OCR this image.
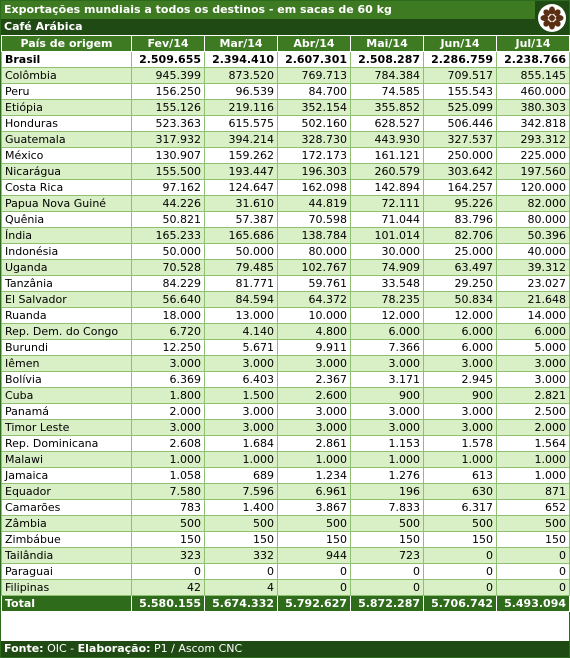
Exportações mundiais a todos os destinos - em sacas de 60 kg
Café Arábica
País de origem	Fev/14	Mar/14	Abr/14	Mai/14	Jun/14	Jul/14
Brasil	2.509.655	2.394.410	2.607.301	2.508.287	2.286.759	2.238.766
Colômbia	945.399	873.520	769.713	784.384	709.517	855.145
Peru	156.250	96.539	84.700	74.585	155.543	460.000
Etiópia	155.126	219.116	352.154	355.852	525.099	380.303
Honduras	523.363	615.575	502.160	628.527	506.446	342.818
Guatemala	317.932	394.214	328.730	443.930	327.537	293.312
México	130.907	159.262	172.173	161.121	250.000	225.000
Nicarágua	155.500	193.447	196.303	260.579	303.642	197.560
Costa Rica	97.162	124.647	162.098	142.894	164.257	120.000
Papua Nova Guiné	44.226	31.610	44.819	72.111	95.226	82.000
Quênia	50.821	57.387	70.598	71.044	83.796	80.000
Índia	165.233	165.686	138.784	101.014	82.706	50.396
Indonésia	50.000	50.000	80.000	30.000	25.000	40.000
Uganda	70.528	79.485	102.767	74.909	63.497	39.312
Tanzânia	84.229	81.771	59.761	33.548	29.250	23.027
El Salvador	56.640	84.594	64.372	78.235	50.834	21.648
Ruanda	18.000	13.000	10.000	12.000	12.000	14.000
Rep. Dem. do Congo	6.720	4.140	4.800	6.000	6.000	6.000
Burundi	12.250	5.671	9.911	7.366	6.000	5.000
Iêmen	3.000	3.000	3.000	3.000	3.000	3.000
Bolívia	6.369	6.403	2.367	3.171	2.945	3.000
Cuba	1.800	1.500	2.600	900	900	2.821
Panamá	2.000	3.000	3.000	3.000	3.000	2.500
Timor Leste	3.000	3.000	3.000	3.000	3.000	2.000
Rep. Dominicana	2.608	1.684	2.861	1.153	1.578	1.564
Malawi	1.000	1.000	1.000	1.000	1.000	1.000
Jamaica	1.058	689	1.234	1.276	613	1.000
Equador	7.580	7.596	6.961	196	630	871
Camarões	783	1.400	3.867	7.833	6.317	652
Zâmbia	500	500	500	500	500	500
Zimbábue	150	150	150	150	150	150
Tailândia	323	332	944	723	0	0
Paraguai	0	0	0	0	0	0
Filipinas	42	4	0	0	0	0
Total	5.580.155	5.674.332	5.792.627	5.872.287	5.706.742	5.493.094
Fonte: OIC - Elaboração: P1 / Ascom CNC
